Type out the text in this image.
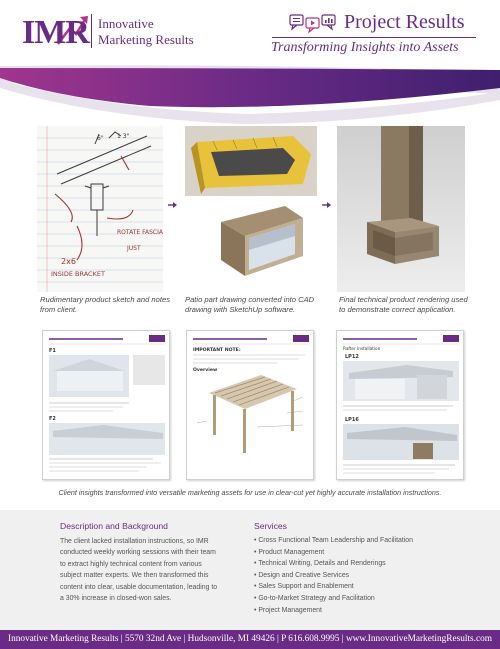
IMR Innovative
Marketing Results
Project Results
Transforming Insights into Assets
6" 1 3"
2x6
INSIDE BRACKET
ROTATE FASCIA
JUST
Rudimentary product sketch and notes from client.
Patio part drawing converted into CAD drawing with SketchUp software.
Final technical product rendering used to demonstrate correct application.
F1
F2
IMPORTANT NOTE:
Overview
Rafter Installation
LP12
LP16
Client insights transformed into versatile marketing assets for use in clear-cut yet highly accurate installation instructions.
Description and Background
The client lacked installation instructions, so IMR conducted weekly working sessions with their team to extract highly technical content from various subject matter experts. We then transformed this content into clear, usable documentation, leading to a 30% increase in closed-won sales.
Services
• Cross Functional Team Leadership and Facilitation
• Product Management
• Technical Writing, Details and Renderings
• Design and Creative Services
• Sales Support and Enablement
• Go-to-Market Strategy and Facilitation
• Project Management
Innovative Marketing Results | 5570 32nd Ave | Hudsonville, MI 49426 | P 616.608.9995 | www.InnovativeMarketingResults.com
